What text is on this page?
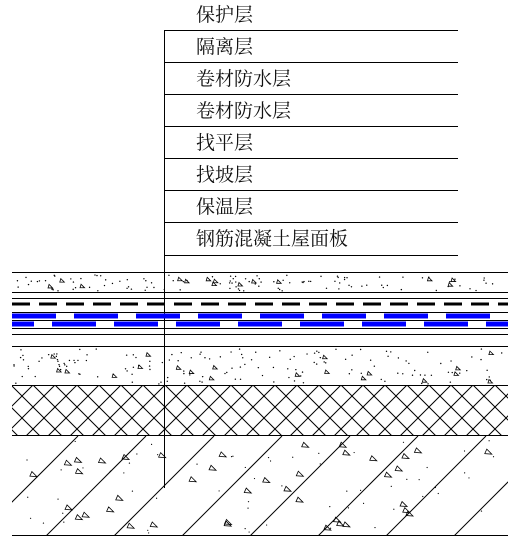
保护层
隔离层
卷材防水层
卷材防水层
找平层
找坡层
保温层
钢筋混凝土屋面板
